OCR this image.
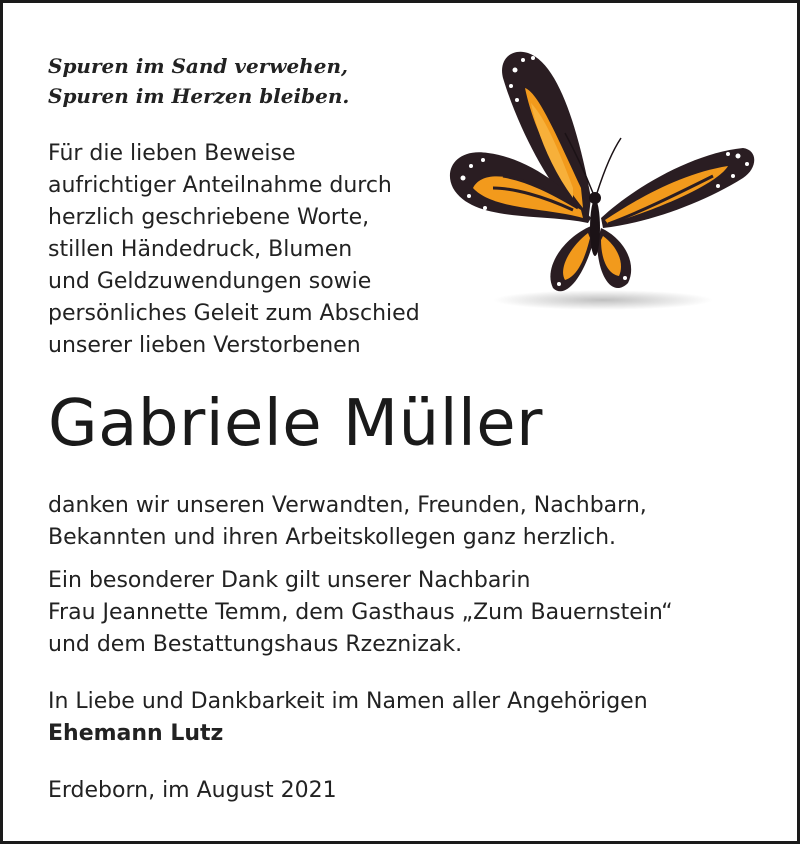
Spuren im Sand verwehen,
Spuren im Herzen bleiben.
Für die lieben Beweise
aufrichtiger Anteilnahme durch
herzlich geschriebene Worte,
stillen Händedruck, Blumen
und Geldzuwendungen sowie
persönliches Geleit zum Abschied
unserer lieben Verstorbenen
Gabriele Müller
danken wir unseren Verwandten, Freunden, Nachbarn,
Bekannten und ihren Arbeitskollegen ganz herzlich.
Ein besonderer Dank gilt unserer Nachbarin
Frau Jeannette Temm, dem Gasthaus „Zum Bauernstein“
und dem Bestattungshaus Rzeznizak.
In Liebe und Dankbarkeit im Namen aller Angehörigen
Ehemann Lutz
Erdeborn, im August 2021
